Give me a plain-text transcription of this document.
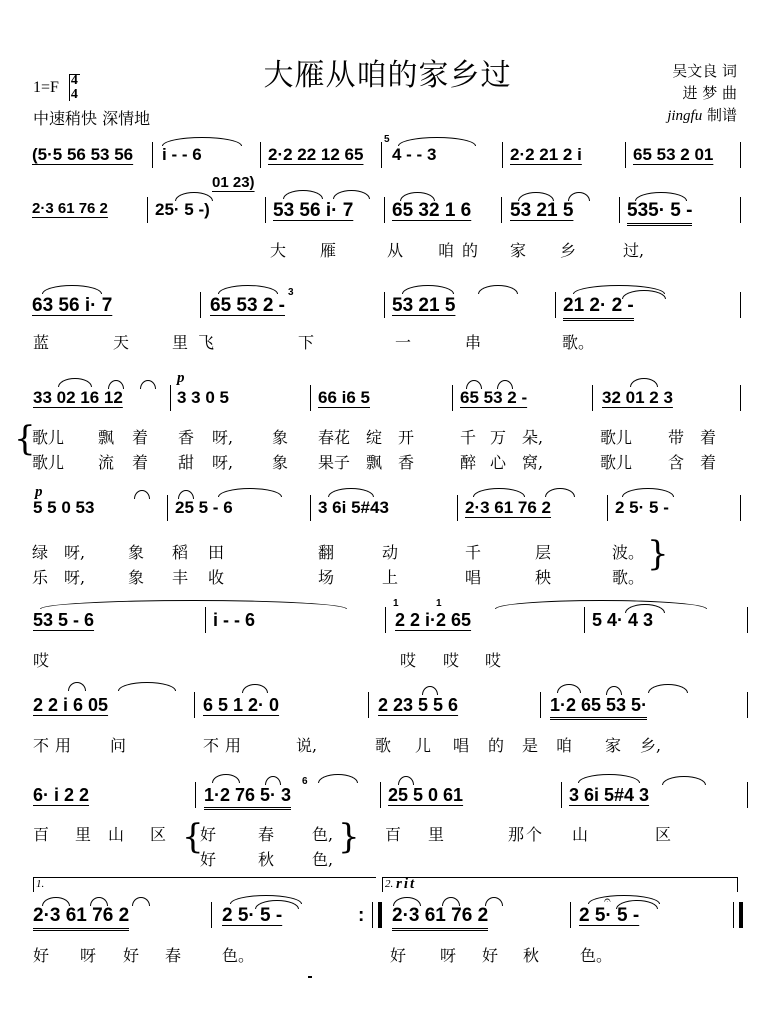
大雁从咱的家乡过
1=F 4
4
中速稍快 深情地
吴文良 词
进 梦 曲
jingfu 制谱
(5·5 56 53 56 i - - 6	2·2 22 12 65
5
4 - - 3	2·2 21 2 i	65 53 2 01
01 23)
2·3 61 76 2	25· 5 -)	53 56 i· 7 65 32 1 6 53 21 5	535· 5 -
大 雁	从 咱的 家 乡	过,
63 56 i· 7	65 53 2 -
3
53 21 5	21 2· 2 -
蓝	天	里飞	下	一	串	歌。
33 02 16 12
p
3 3 0 5	66 i6 5	65 53 2 -	32 01 2 3
{
歌儿 飘 着 香 呀, 象 春花 绽 开	千 万 朵,	歌儿 带 着
歌儿 流 着 甜 呀, 象 果子 飘 香	醉 心 窝,	歌儿 含 着
p
5 5 0 53	25 5 - 6	3 6i 5#43	2·3 61 76 2	2 5· 5 -
绿 呀,	象 稻 田	翻	动	千	层	波。
乐 呀,	象 丰 收	场	上	唱	秧	歌。
}
53 5 - 6	i - - 6
1	1
2 2 i·2 65	5 4· 4 3
哎	哎 哎 哎
2 2 i 6 05	6 5 1 2· 0	2 23 5 5 6	1·2 65 53 5·
不用 问	不用	说,	歌 儿 唱 的 是 咱 家 乡,
6· i 2 2
6
1·2 76 5· 3	25 5 0 61	3 6i 5#4 3
百 里 山 区 {
好	春 色,
好	秋 色,
} 百 里	那个 山	区
1.	2. rit
2·3 61 76 2	2 5· 5 -	: 2·3 61 76 2
𝄐
2 5· 5 -
好 呀 好 春	色。	好 呀 好 秋	色。
